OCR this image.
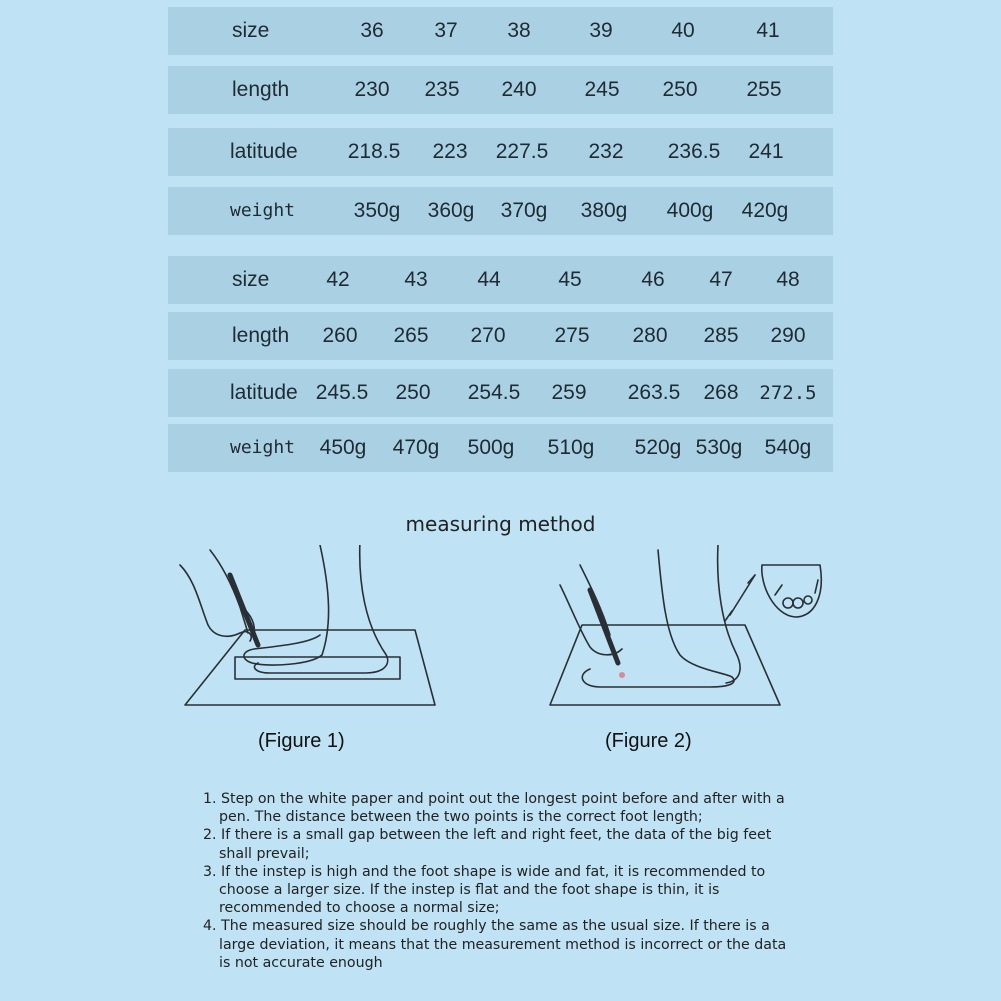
size	36	37	38	39	40	41
length	230	235	240	245	250	255
latitude	218.5	223	227.5	232	236.5	241
weight	350g	360g	370g	380g	400g	420g
size	42	43	44	45	46	47	48
length	260	265	270	275	280	285	290
latitude 245.5	250	254.5	259	263.5	268	272.5
weight	450g	470g	500g	510g	520g 530g	540g
measuring method
(Figure 1)	(Figure 2)

1. Step on the white paper and point out the longest point before and after with a pen. The distance between the two points is the correct foot length;

2. If there is a small gap between the left and right feet, the data of the big feet shall prevail;

3. If the instep is high and the foot shape is wide and fat, it is recommended to choose a larger size. If the instep is flat and the foot shape is thin, it is recommended to choose a normal size;

4. The measured size should be roughly the same as the usual size. If there is a large deviation, it means that the measurement method is incorrect or the data is not accurate enough
